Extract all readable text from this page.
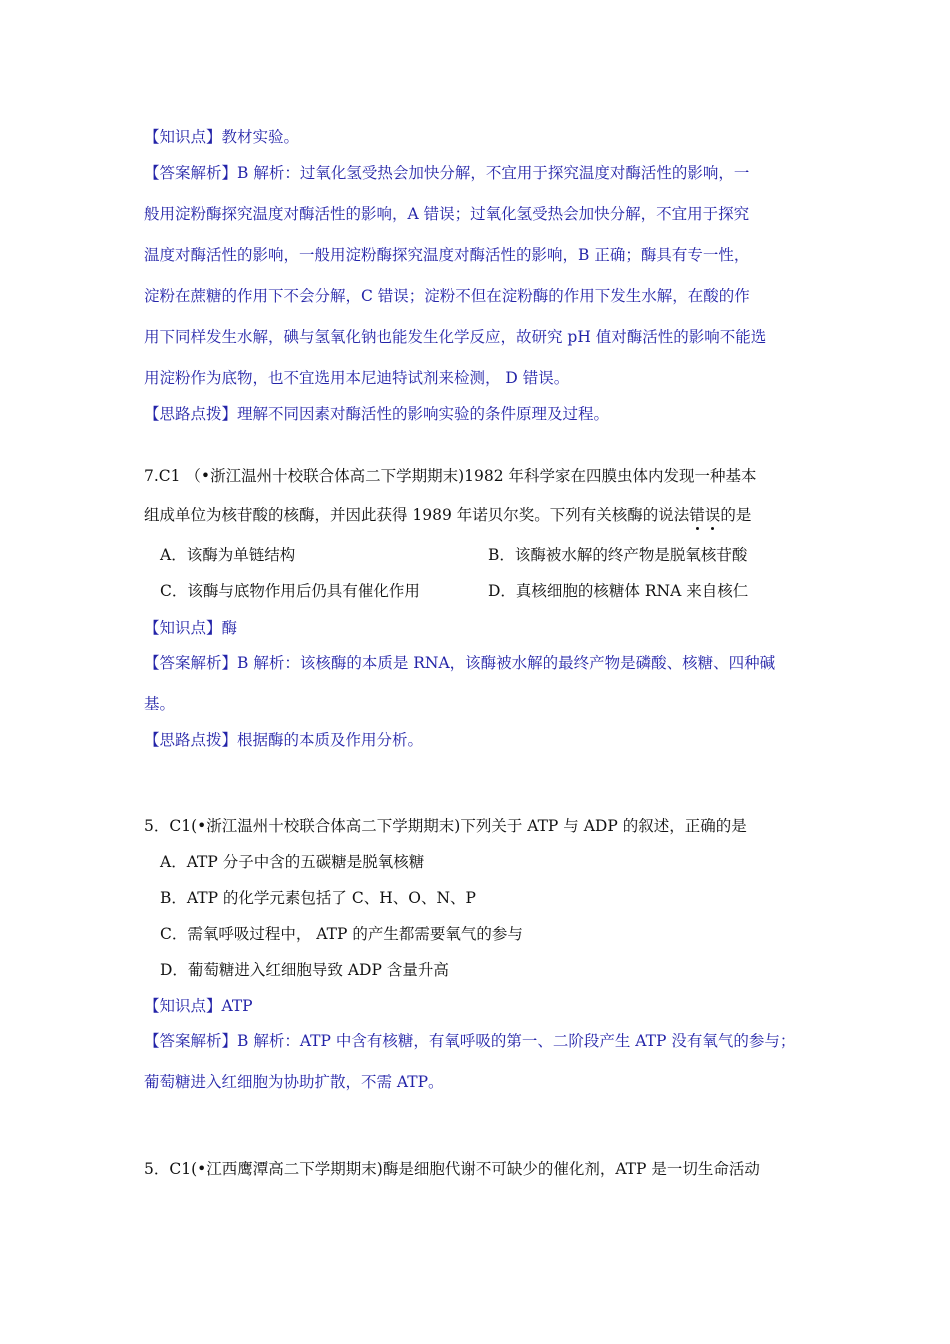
【知识点】教材实验。
【答案解析】B 解析：过氧化氢受热会加快分解，不宜用于探究温度对酶活性的影响，一
般用淀粉酶探究温度对酶活性的影响，A 错误；过氧化氢受热会加快分解，不宜用于探究
温度对酶活性的影响，一般用淀粉酶探究温度对酶活性的影响，B 正确；酶具有专一性，
淀粉在蔗糖的作用下不会分解，C 错误；淀粉不但在淀粉酶的作用下发生水解，在酸的作
用下同样发生水解，碘与氢氧化钠也能发生化学反应，故研究 pH 值对酶活性的影响不能选
用淀粉作为底物，也不宜选用本尼迪特试剂来检测， D 错误。
【思路点拨】理解不同因素对酶活性的影响实验的条件原理及过程。
7.C1 （•浙江温州十校联合体高二下学期期末)1982 年科学家在四膜虫体内发现一种基本
组成单位为核苷酸的核酶，并因此获得 1989 年诺贝尔奖。下列有关核酶的说法错误的是
A．该酶为单链结构	B．该酶被水解的终产物是脱氧核苷酸
C．该酶与底物作用后仍具有催化作用	D．真核细胞的核糖体 RNA 来自核仁
【知识点】酶
【答案解析】B 解析：该核酶的本质是 RNA，该酶被水解的最终产物是磷酸、核糖、四种碱
基。
【思路点拨】根据酶的本质及作用分析。
5．C1(•浙江温州十校联合体高二下学期期末)下列关于 ATP 与 ADP 的叙述，正确的是
A．ATP 分子中含的五碳糖是脱氧核糖
B．ATP 的化学元素包括了 C、H、O、N、P
C．需氧呼吸过程中， ATP 的产生都需要氧气的参与
D．葡萄糖进入红细胞导致 ADP 含量升高
【知识点】ATP
【答案解析】B 解析：ATP 中含有核糖，有氧呼吸的第一、二阶段产生 ATP 没有氧气的参与；
葡萄糖进入红细胞为协助扩散，不需 ATP。
5．C1(•江西鹰潭高二下学期期末)酶是细胞代谢不可缺少的催化剂，ATP 是一切生命活动
